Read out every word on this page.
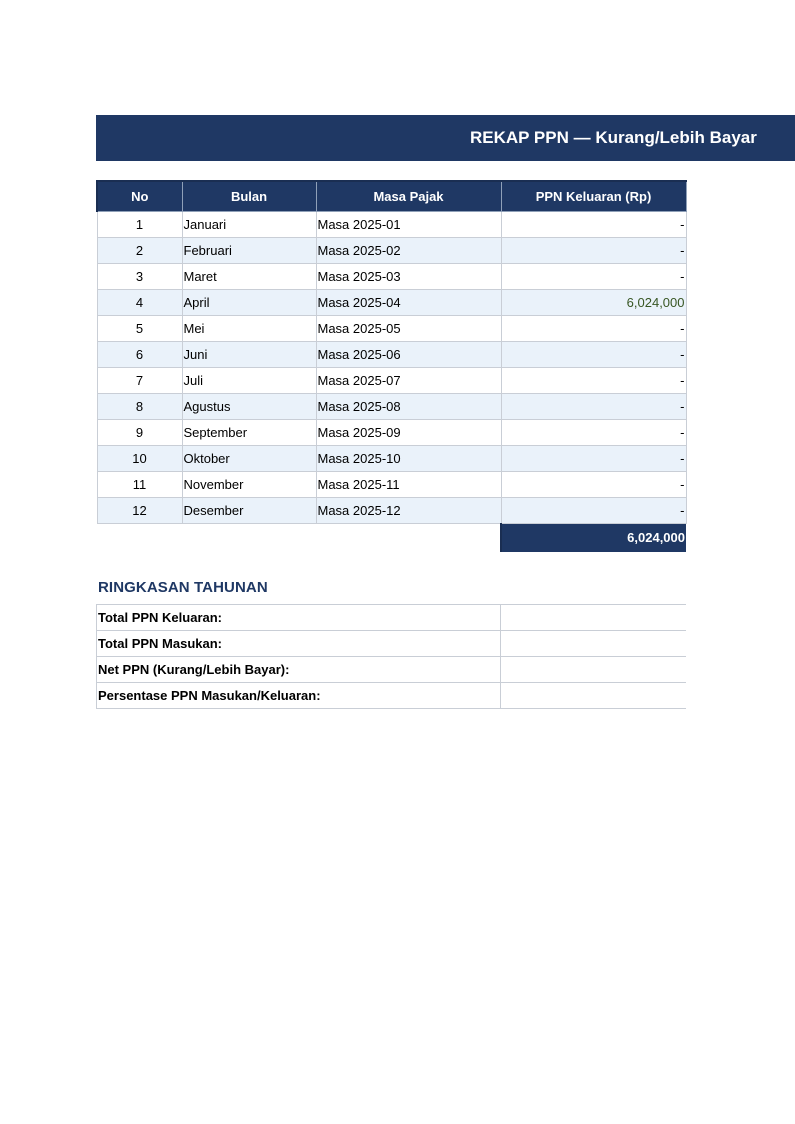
REKAP PPN — Kurang/Lebih Bayar
No	Bulan	Masa Pajak	PPN Keluaran (Rp)
1	Januari	Masa 2025-01	-
2	Februari	Masa 2025-02	-
3	Maret	Masa 2025-03	-
4	April	Masa 2025-04	6,024,000
5	Mei	Masa 2025-05	-
6	Juni	Masa 2025-06	-
7	Juli	Masa 2025-07	-
8	Agustus	Masa 2025-08	-
9	September	Masa 2025-09	-
10	Oktober	Masa 2025-10	-
11	November	Masa 2025-11	-
12	Desember	Masa 2025-12	-
			6,024,000
RINGKASAN TAHUNAN
Total PPN Keluaran:	
Total PPN Masukan:	
Net PPN (Kurang/Lebih Bayar):	
Persentase PPN Masukan/Keluaran:	
